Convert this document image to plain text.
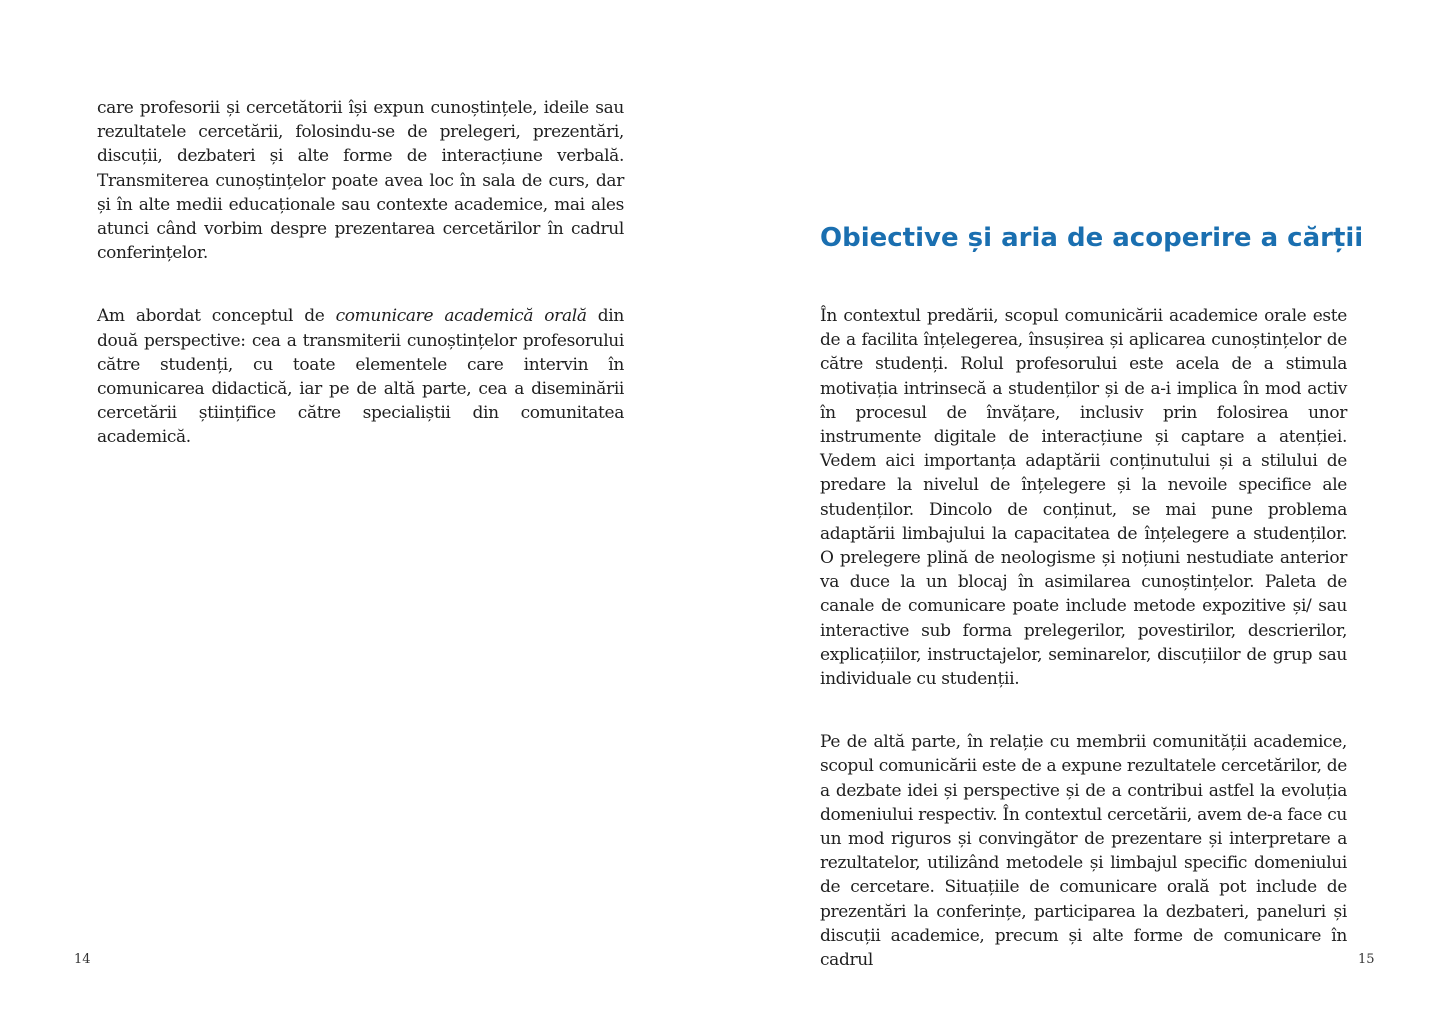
care profesorii și cercetătorii își expun cunoștințele, ideile sau rezultatele cercetării, folosindu-se de prelegeri, prezentări, discuții, dezbateri și alte forme de interacțiune verbală. Transmiterea cunoștințelor poate avea loc în sala de curs, dar și în alte medii educaționale sau contexte academice, mai ales atunci când vorbim despre prezentarea cercetărilor în cadrul conferințelor.

Am abordat conceptul de comunicare academică orală din două perspective: cea a transmiterii cunoștințelor profesorului către studenți, cu toate elementele care intervin în comunicarea didactică, iar pe de altă parte, cea a diseminării cercetării științifice către specialiștii din comunitatea academică.

14
Obiective și aria de acoperire a cărții

În contextul predării, scopul comunicării academice orale este de a facilita înțelegerea, însușirea și aplicarea cunoștințelor de către studenți. Rolul profesorului este acela de a stimula motivația intrinsecă a studenților și de a-i implica în mod activ în procesul de învățare, inclusiv prin folosirea unor instrumente digitale de interacțiune și captare a atenției. Vedem aici importanța adaptării conținutului și a stilului de predare la nivelul de înțelegere și la nevoile specifice ale studenților. Dincolo de conținut, se mai pune problema adaptării limbajului la capacitatea de înțelegere a studenților. O prelegere plină de neologisme și noțiuni nestudiate anterior va duce la un blocaj în asimilarea cunoștințelor. Paleta de canale de comunicare poate include metode expozitive și/ sau interactive sub forma prelegerilor, povestirilor, descrierilor, explicațiilor, instructajelor, seminarelor, discuțiilor de grup sau individuale cu studenții.

Pe de altă parte, în relație cu membrii comunității academice, scopul comunicării este de a expune rezultatele cercetărilor, de a dezbate idei și perspective și de a contribui astfel la evoluția domeniului respectiv. În contextul cercetării, avem de-a face cu un mod riguros și convingător de prezentare și interpretare a rezultatelor, utilizând metodele și limbajul specific domeniului de cercetare. Situațiile de comunicare orală pot include de prezentări la conferințe, participarea la dezbateri, paneluri și discuții academice, precum și alte forme de comunicare în cadrul	15
